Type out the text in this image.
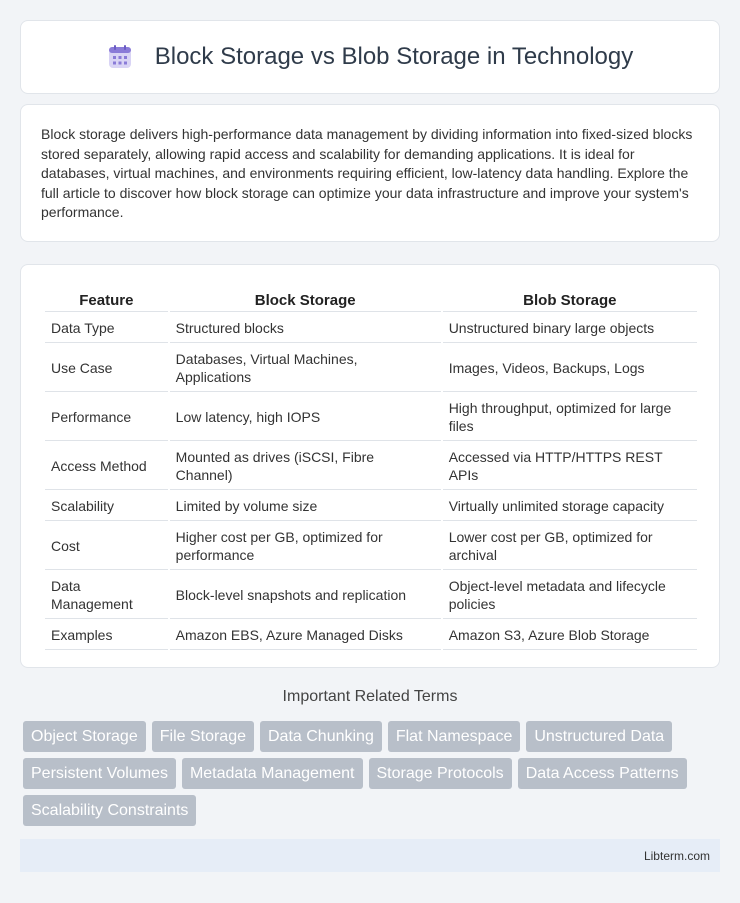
Block Storage vs Blob Storage in Technology

Block storage delivers high-performance data management by dividing information into fixed-sized blocks stored separately, allowing rapid access and scalability for demanding applications. It is ideal for databases, virtual machines, and environments requiring efficient, low-latency data handling. Explore the full article to discover how block storage can optimize your data infrastructure and improve your system's performance.

Feature	Block Storage	Blob Storage
Data Type	Structured blocks	Unstructured binary large objects
Use Case	Databases, Virtual Machines, Applications	Images, Videos, Backups, Logs
Performance	Low latency, high IOPS	High throughput, optimized for large files
Access Method	Mounted as drives (iSCSI, Fibre Channel)	Accessed via HTTP/HTTPS REST APIs
Scalability	Limited by volume size	Virtually unlimited storage capacity
Cost	Higher cost per GB, optimized for performance	Lower cost per GB, optimized for archival
Data Management	Block-level snapshots and replication	Object-level metadata and lifecycle policies
Examples	Amazon EBS, Azure Managed Disks	Amazon S3, Azure Blob Storage
Important Related Terms
Object Storage	File Storage	Data Chunking	Flat Namespace	Unstructured Data
Persistent Volumes	Metadata Management	Storage Protocols	Data Access Patterns
Scalability Constraints
Libterm.com
